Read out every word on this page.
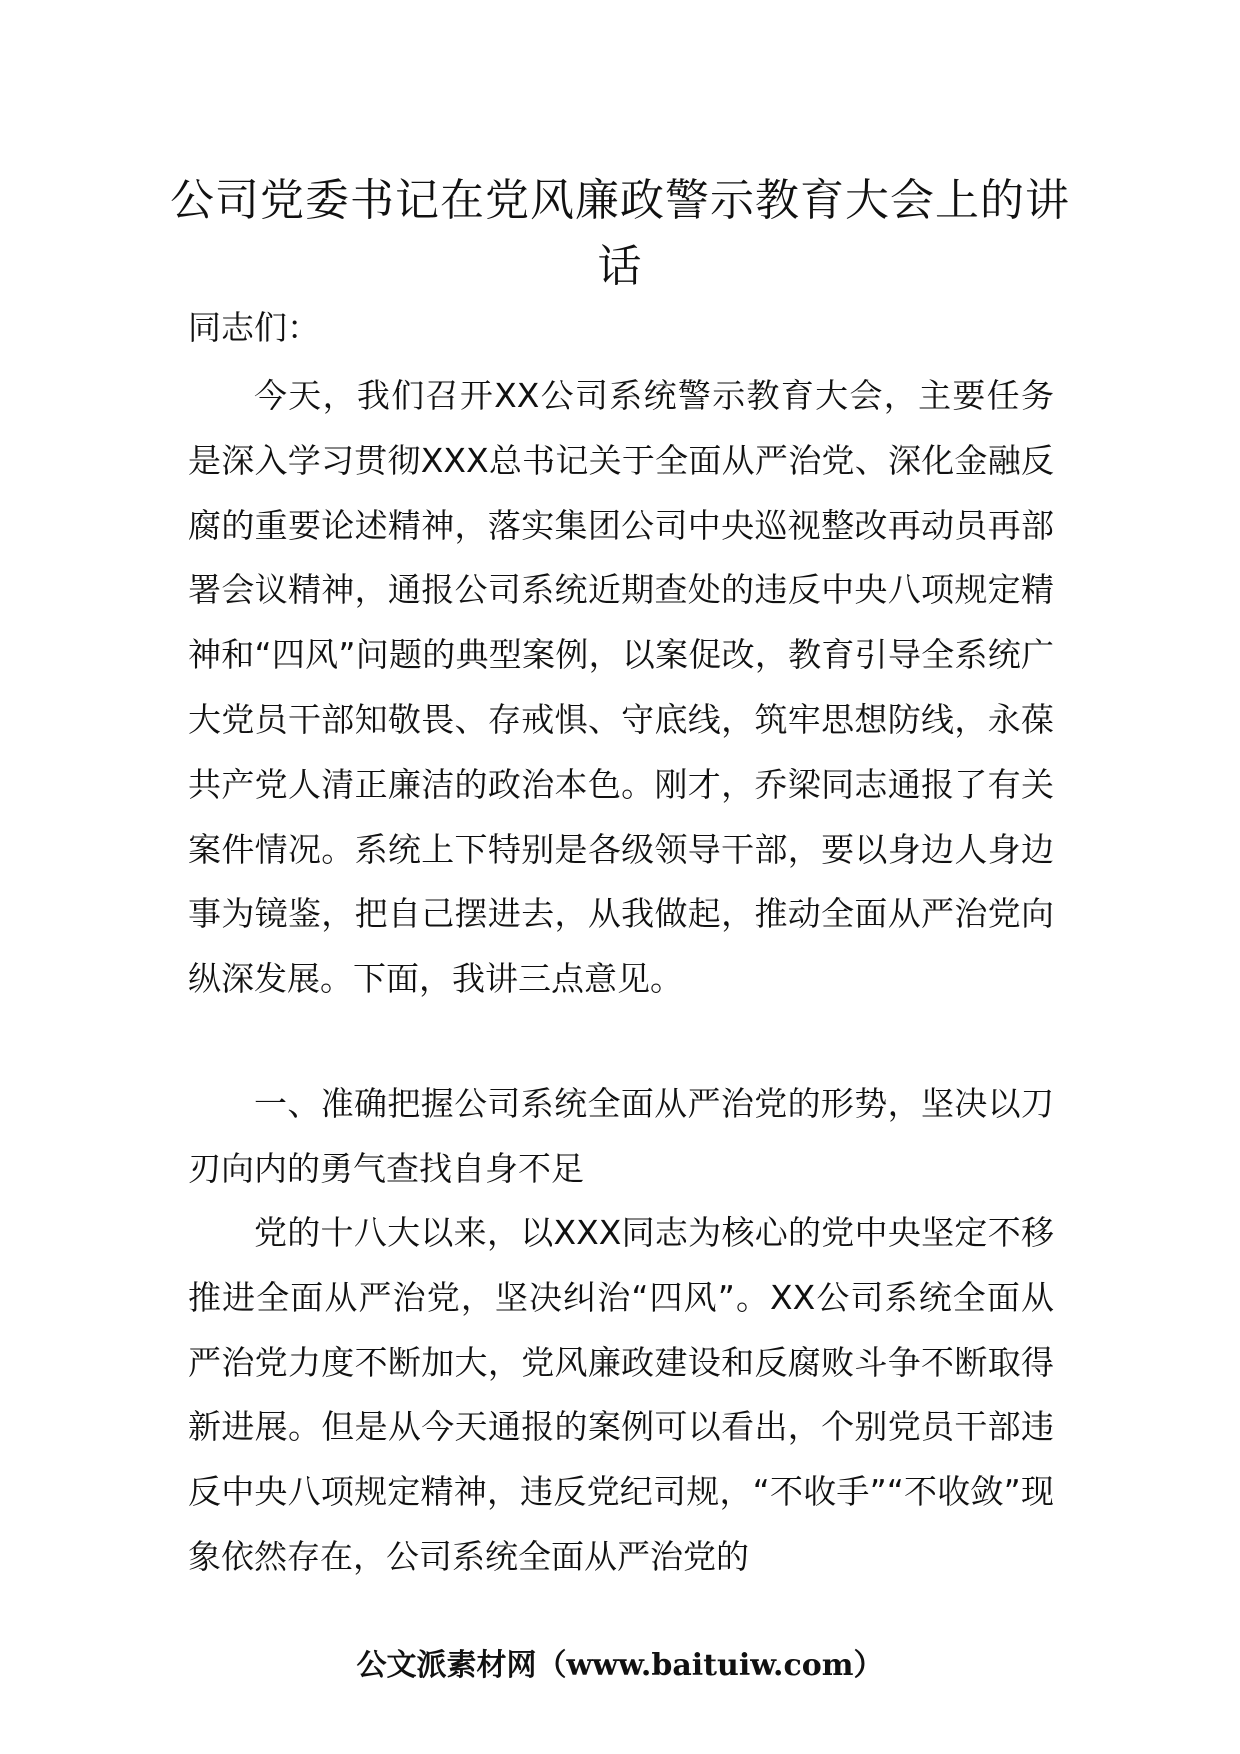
公司党委书记在党风廉政警示教育大会上的讲话

同志们：

今天，我们召开XX公司系统警示教育大会，主要任务是深入学习贯彻XXX总书记关于全面从严治党、深化金融反腐的重要论述精神，落实集团公司中央巡视整改再动员再部署会议精神，通报公司系统近期查处的违反中央八项规定精神和“四风”问题的典型案例，以案促改，教育引导全系统广大党员干部知敬畏、存戒惧、守底线，筑牢思想防线，永葆共产党人清正廉洁的政治本色。刚才，乔梁同志通报了有关案件情况。系统上下特别是各级领导干部，要以身边人身边事为镜鉴，把自己摆进去，从我做起，推动全面从严治党向纵深发展。下面，我讲三点意见。

一、准确把握公司系统全面从严治党的形势，坚决以刀刃向内的勇气查找自身不足

党的十八大以来，以XXX同志为核心的党中央坚定不移推进全面从严治党，坚决纠治“四风”。XX公司系统全面从严治党力度不断加大，党风廉政建设和反腐败斗争不断取得新进展。但是从今天通报的案例可以看出，个别党员干部违反中央八项规定精神，违反党纪司规，“不收手”“不收敛”现象依然存在，公司系统全面从严治党的

公文派素材网（www.baituiw.com）
